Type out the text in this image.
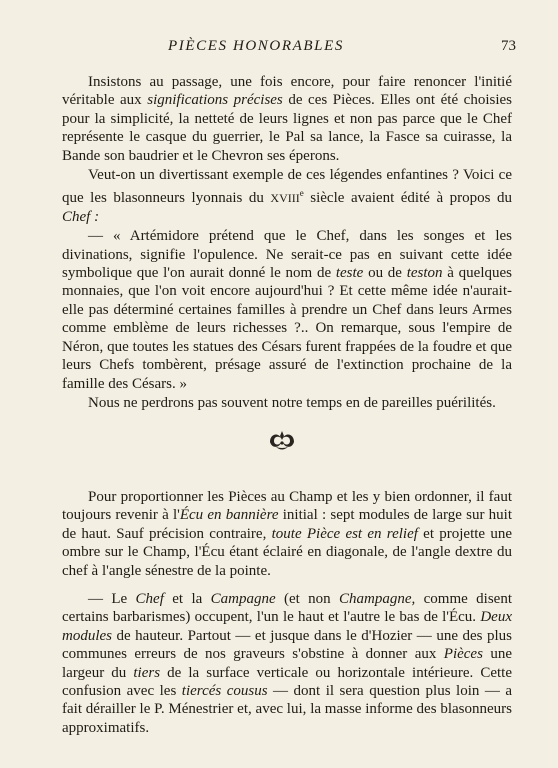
PIÈCES HONORABLES	73

Insistons au passage, une fois encore, pour faire renoncer l'initié véritable aux significations précises de ces Pièces. Elles ont été choisies pour la simplicité, la netteté de leurs lignes et non pas parce que le Chef représente le casque du guerrier, le Pal sa lance, la Fasce sa cuirasse, la Bande son baudrier et le Chevron ses éperons.

Veut-on un divertissant exemple de ces légendes enfantines ? Voici ce que les blasonneurs lyonnais du XVIIIe siècle avaient édité à propos du Chef :

— « Artémidore prétend que le Chef, dans les songes et les divinations, signifie l'opulence. Ne serait-ce pas en suivant cette idée symbolique que l'on aurait donné le nom de teste ou de teston à quelques monnaies, que l'on voit encore aujourd'hui ? Et cette même idée n'aurait-elle pas déterminé certaines familles à prendre un Chef dans leurs Armes comme emblème de leurs richesses ?.. On remarque, sous l'empire de Néron, que toutes les statues des Césars furent frappées de la foudre et que leurs Chefs tombèrent, présage assuré de l'extinction prochaine de la famille des Césars. »

Nous ne perdrons pas souvent notre temps en de pareilles puérilités.

Pour proportionner les Pièces au Champ et les y bien ordonner, il faut toujours revenir à l'Écu en bannière initial : sept modules de large sur huit de haut. Sauf précision contraire, toute Pièce est en relief et projette une ombre sur le Champ, l'Écu étant éclairé en diagonale, de l'angle dextre du chef à l'angle sénestre de la pointe.

— Le Chef et la Campagne (et non Champagne, comme disent certains barbarismes) occupent, l'un le haut et l'autre le bas de l'Écu. Deux modules de hauteur. Partout — et jusque dans le d'Hozier — une des plus communes erreurs de nos graveurs s'obstine à donner aux Pièces une largeur du tiers de la surface verticale ou horizontale intérieure. Cette confusion avec les tiercés cousus — dont il sera question plus loin — a fait dérailler le P. Ménestrier et, avec lui, la masse informe des blasonneurs approximatifs.
